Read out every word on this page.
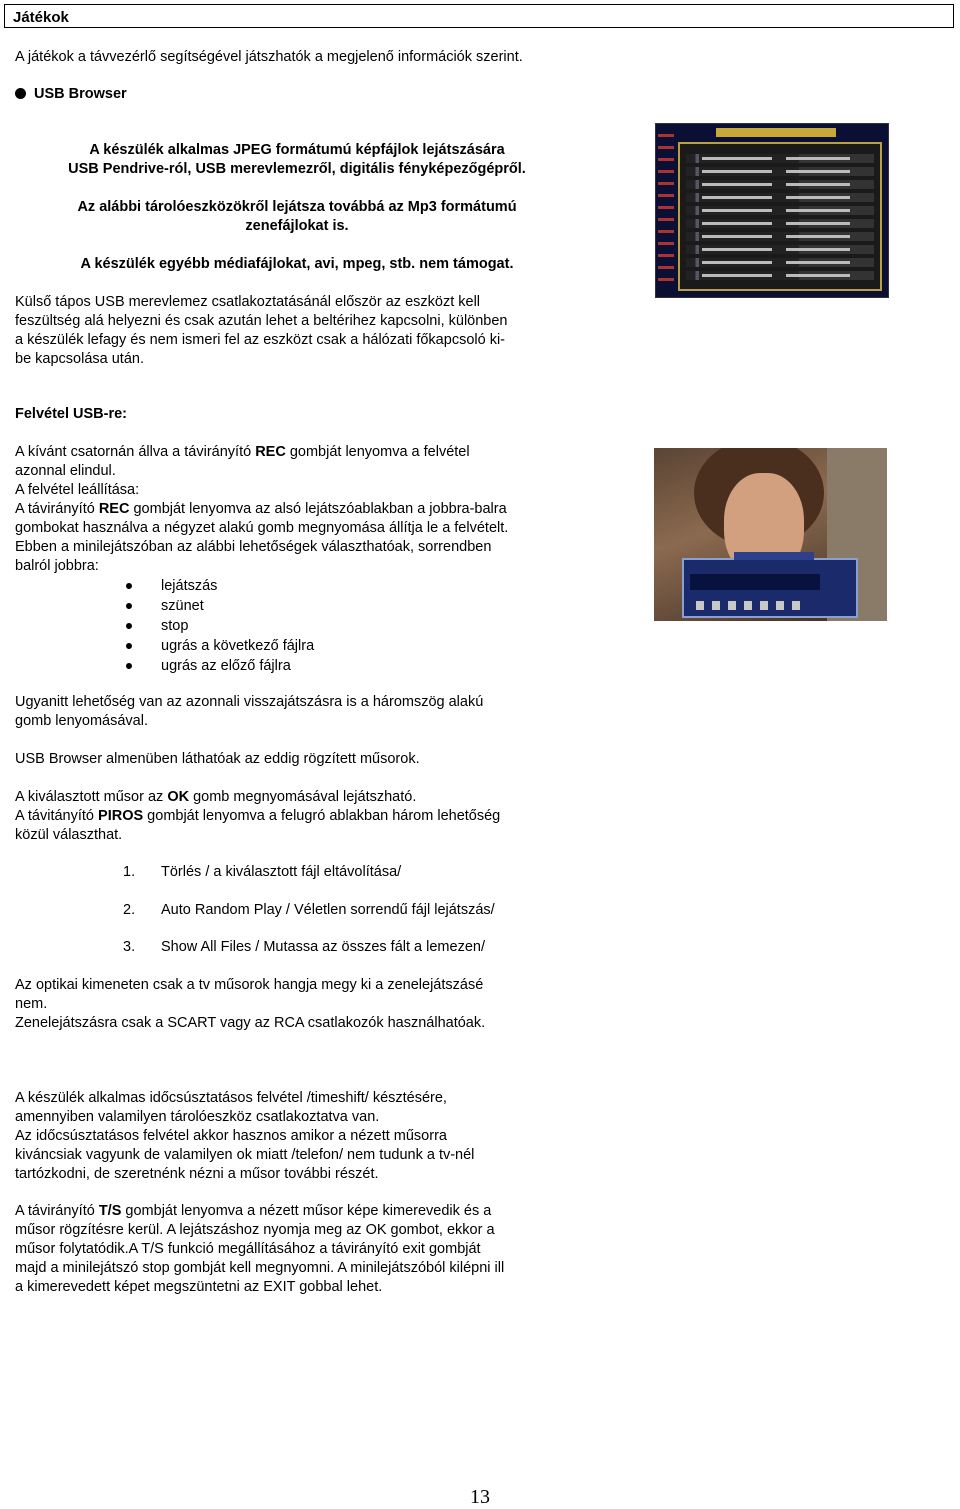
Játékok

A játékok a távvezérlő segítségével játszhatók a megjelenő információk szerint.

USB Browser

A készülék alkalmas JPEG formátumú képfájlok lejátszására

USB Pendrive-ról, USB merevlemezről, digitális fényképezőgépről.

Az alábbi tárolóeszközökről lejátsza továbbá az Mp3 formátumú

zenefájlokat is.

A készülék egyébb médiafájlokat, avi, mpeg, stb. nem támogat.

Külső tápos USB merevlemez csatlakoztatásánál először az eszközt kell

feszültség alá helyezni és csak azután lehet a beltérihez kapcsolni, különben

a készülék lefagy és nem ismeri fel az eszközt csak a hálózati főkapcsoló ki-

be kapcsolása után.

Felvétel USB-re:

A kívánt csatornán állva a távirányító REC gombját lenyomva a felvétel

azonnal elindul.

A felvétel leállítása:

A távirányító REC gombját lenyomva az alsó lejátszóablakban a jobbra-balra

gombokat használva a négyzet alakú gomb megnyomása állítja le a felvételt.

Ebben a minilejátszóban az alábbi lehetőségek választhatóak, sorrendben

balról jobbra:

lejátszás
szünet
stop
ugrás a következő fájlra
ugrás az előző fájlra

Ugyanitt lehetőség van az azonnali visszajátszásra is a háromszög alakú

gomb lenyomásával.

USB Browser almenüben láthatóak az eddig rögzített műsorok.

A kiválasztott műsor az OK gomb megnyomásával lejátszható.

A távitányító PIROS gombját lenyomva a felugró ablakban három lehetőség

közül választhat.

1. Törlés / a kiválasztott fájl eltávolítása/
2. Auto Random Play / Véletlen sorrendű fájl lejátszás/
3. Show All Files / Mutassa az összes fált a lemezen/

Az optikai kimeneten csak a tv műsorok hangja megy ki a zenelejátszásé

nem.

Zenelejátszásra csak a SCART vagy az RCA csatlakozók használhatóak.

A készülék alkalmas időcsúsztatásos felvétel /timeshift/ késztésére,

amennyiben valamilyen tárolóeszköz csatlakoztatva van.

Az időcsúsztatásos felvétel akkor hasznos amikor a nézett műsorra

kiváncsiak vagyunk de valamilyen ok miatt /telefon/ nem tudunk a tv-nél

tartózkodni, de szeretnénk nézni a műsor további részét.

A távirányító T/S gombját lenyomva a nézett műsor képe kimerevedik és a

műsor rögzítésre kerül. A lejátszáshoz nyomja meg az OK gombot, ekkor a

műsor folytatódik.A T/S funkció megállításához a távirányító exit gombját

majd a minilejátszó stop gombját kell megnyomni. A minilejátszóból kilépni ill

a kimerevedett képet megszüntetni az EXIT gobbal lehet.

13
